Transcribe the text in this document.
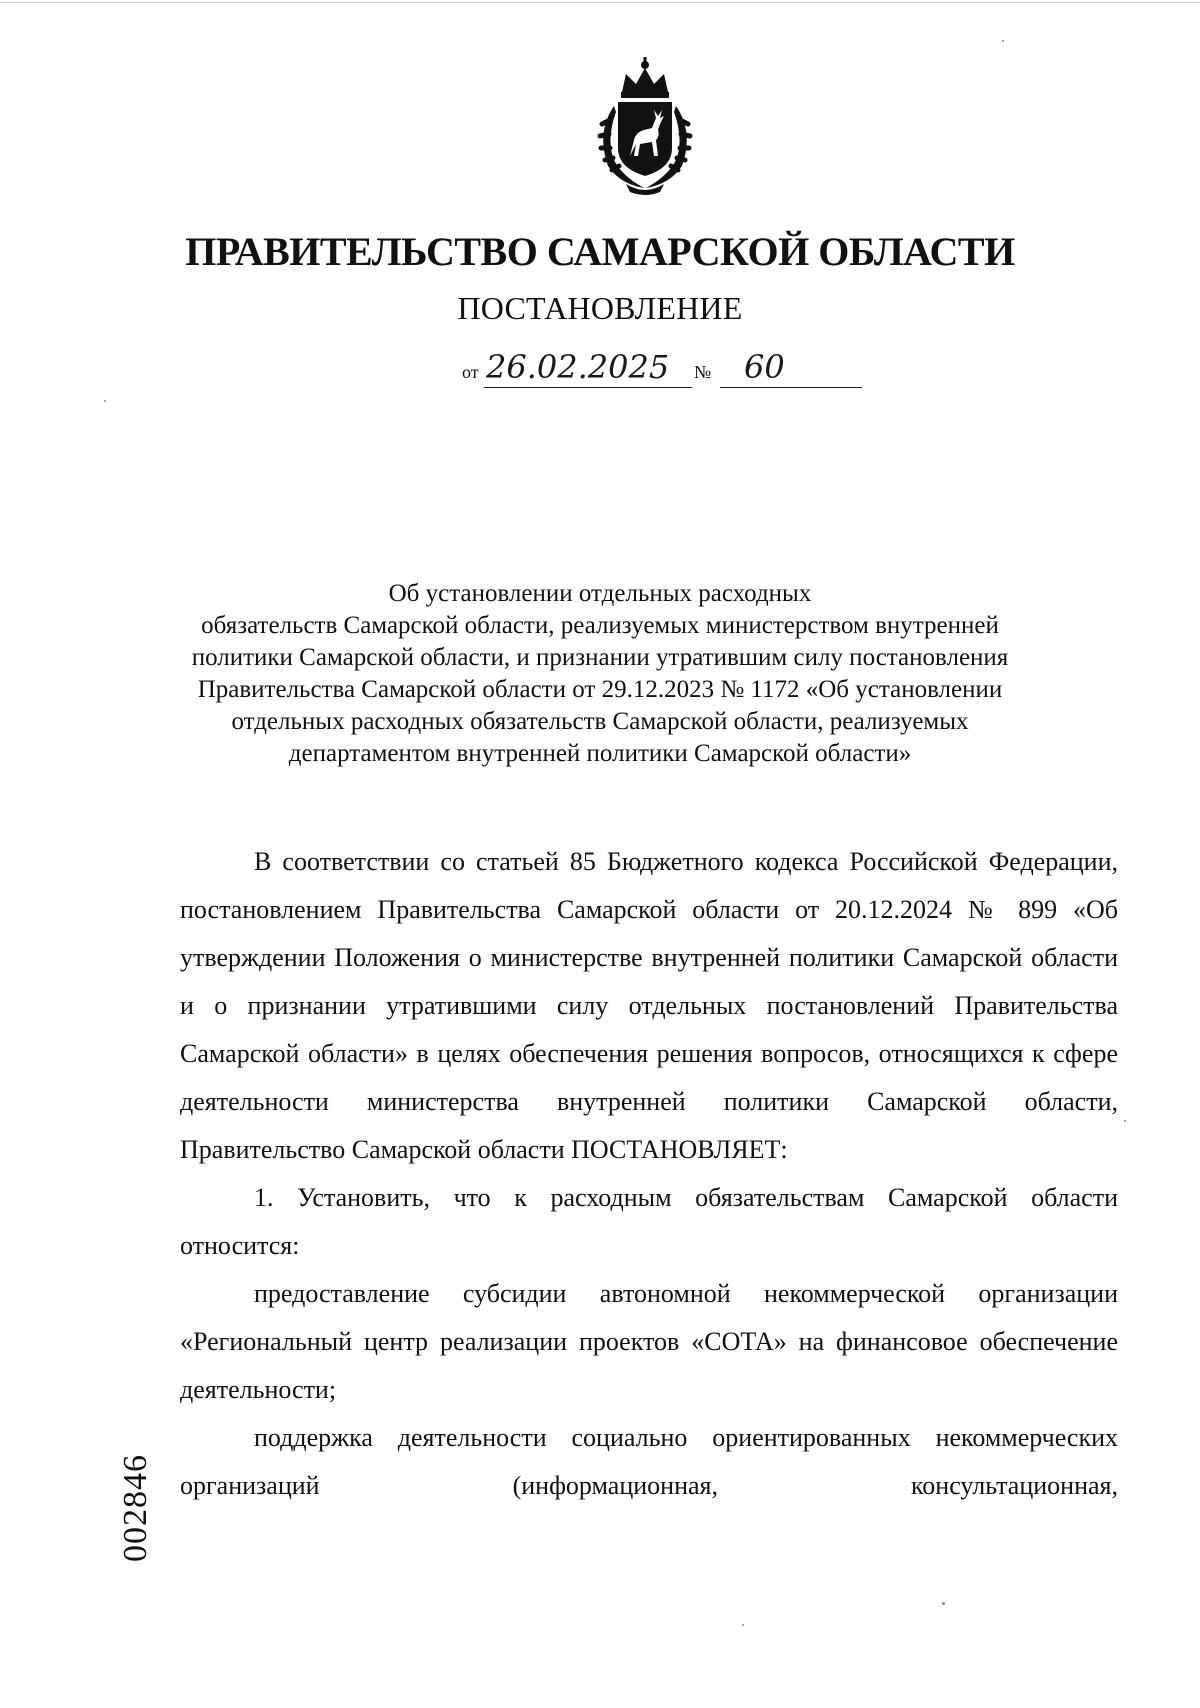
ПРАВИТЕЛЬСТВО САМАРСКОЙ ОБЛАСТИ
ПОСТАНОВЛЕНИЕ
от 26.02.2025 № 60
Об установлении отдельных расходных
обязательств Самарской области, реализуемых министерством внутренней
политики Самарской области, и признании утратившим силу постановления
Правительства Самарской области от 29.12.2023 № 1172 «Об установлении
отдельных расходных обязательств Самарской области, реализуемых
департаментом внутренней политики Самарской области»

В соответствии со статьей 85 Бюджетного кодекса Российской Федерации, постановлением Правительства Самарской области от 20.12.2024 № 899 «Об утверждении Положения о министерстве внутренней политики Самарской области и о признании утратившими силу отдельных постановлений Правительства Самарской области» в целях обеспечения решения вопросов, относящихся к сфере деятельности министерства внутренней политики Самарской области, Правительство Самарской области ПОСТАНОВЛЯЕТ:

1. Установить, что к расходным обязательствам Самарской области относится:

предоставление субсидии автономной некоммерческой организации «Региональный центр реализации проектов «СОТА» на финансовое обеспечение деятельности;

поддержка деятельности социально ориентированных некоммерческих организаций (информационная, консультационная,

002846
